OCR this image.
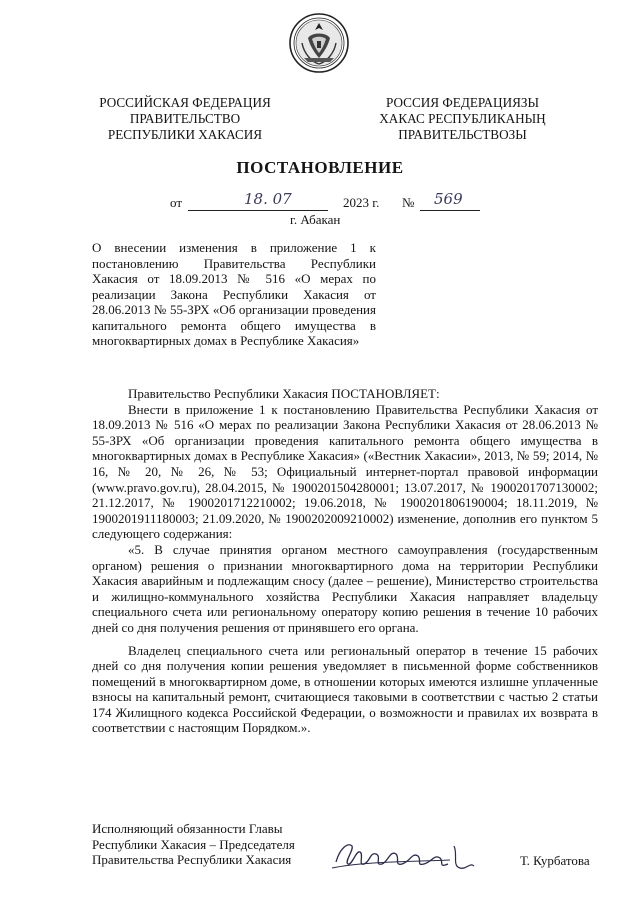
РОССИЙСКАЯ ФЕДЕРАЦИЯ
ПРАВИТЕЛЬСТВО
РЕСПУБЛИКИ ХАКАСИЯ
РОССИЯ ФЕДЕРАЦИЯЗЫ
ХАКАС РЕСПУБЛИКАНЫҢ
ПРАВИТЕЛЬСТВОЗЫ
ПОСТАНОВЛЕНИЕ
от	18. 07	2023 г. № 569
г. Абакан
О внесении изменения в приложение 1 к постановлению Правительства Республики Хакасия от 18.09.2013 № 516 «О мерах по реализации Закона Республики Хакасия от 28.06.2013 № 55-ЗРХ «Об организации проведения капитального ремонта общего имущества в многоквартирных домах в Республике Хакасия»

Правительство Республики Хакасия ПОСТАНОВЛЯЕТ:

Внести в приложение 1 к постановлению Правительства Республики Хакасия от 18.09.2013 № 516 «О мерах по реализации Закона Республики Хакасия от 28.06.2013 № 55-ЗРХ «Об организации проведения капитального ремонта общего имущества в многоквартирных домах в Республике Хакасия» («Вестник Хакасии», 2013, № 59; 2014, № 16, № 20, № 26, № 53; Официальный интернет-портал правовой информации (www.pravo.gov.ru), 28.04.2015, № 1900201504280001; 13.07.2017, № 1900201707130002; 21.12.2017, № 1900201712210002; 19.06.2018, № 1900201806190004; 18.11.2019, № 1900201911180003; 21.09.2020, № 1900202009210002) изменение, дополнив его пунктом 5 следующего содержания:

«5. В случае принятия органом местного самоуправления (государственным органом) решения о признании многоквартирного дома на территории Республики Хакасия аварийным и подлежащим сносу (далее – решение), Министерство строительства и жилищно-коммунального хозяйства Республики Хакасия направляет владельцу специального счета или региональному оператору копию решения в течение 10 рабочих дней со дня получения решения от принявшего его органа.

Владелец специального счета или региональный оператор в течение 15 рабочих дней со дня получения копии решения уведомляет в письменной форме собственников помещений в многоквартирном доме, в отношении которых имеются излишне уплаченные взносы на капитальный ремонт, считающиеся таковыми в соответствии с частью 2 статьи 174 Жилищного кодекса Российской Федерации, о возможности и правилах их возврата в соответствии с настоящим Порядком.».

Исполняющий обязанности Главы
Республики Хакасия – Председателя
Правительства Республики Хакасия	Т. Курбатова
